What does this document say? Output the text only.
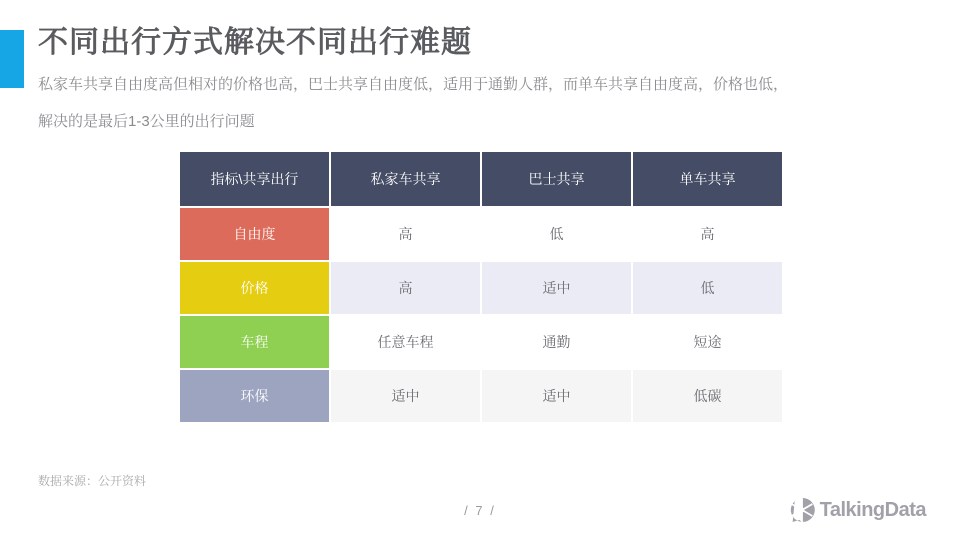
不同出行方式解决不同出行难题
私家车共享自由度高但相对的价格也高，巴士共享自由度低，适用于通勤人群，而单车共享自由度高，价格也低，
解决的是最后1-3公里的出行问题
指标\共享出行	私家车共享	巴士共享	单车共享
自由度	高	低	高
价格	高	适中	低
车程	任意车程	通勤	短途
环保	适中	适中	低碳
数据来源：公开资料
/ 7 /	TalkingData
